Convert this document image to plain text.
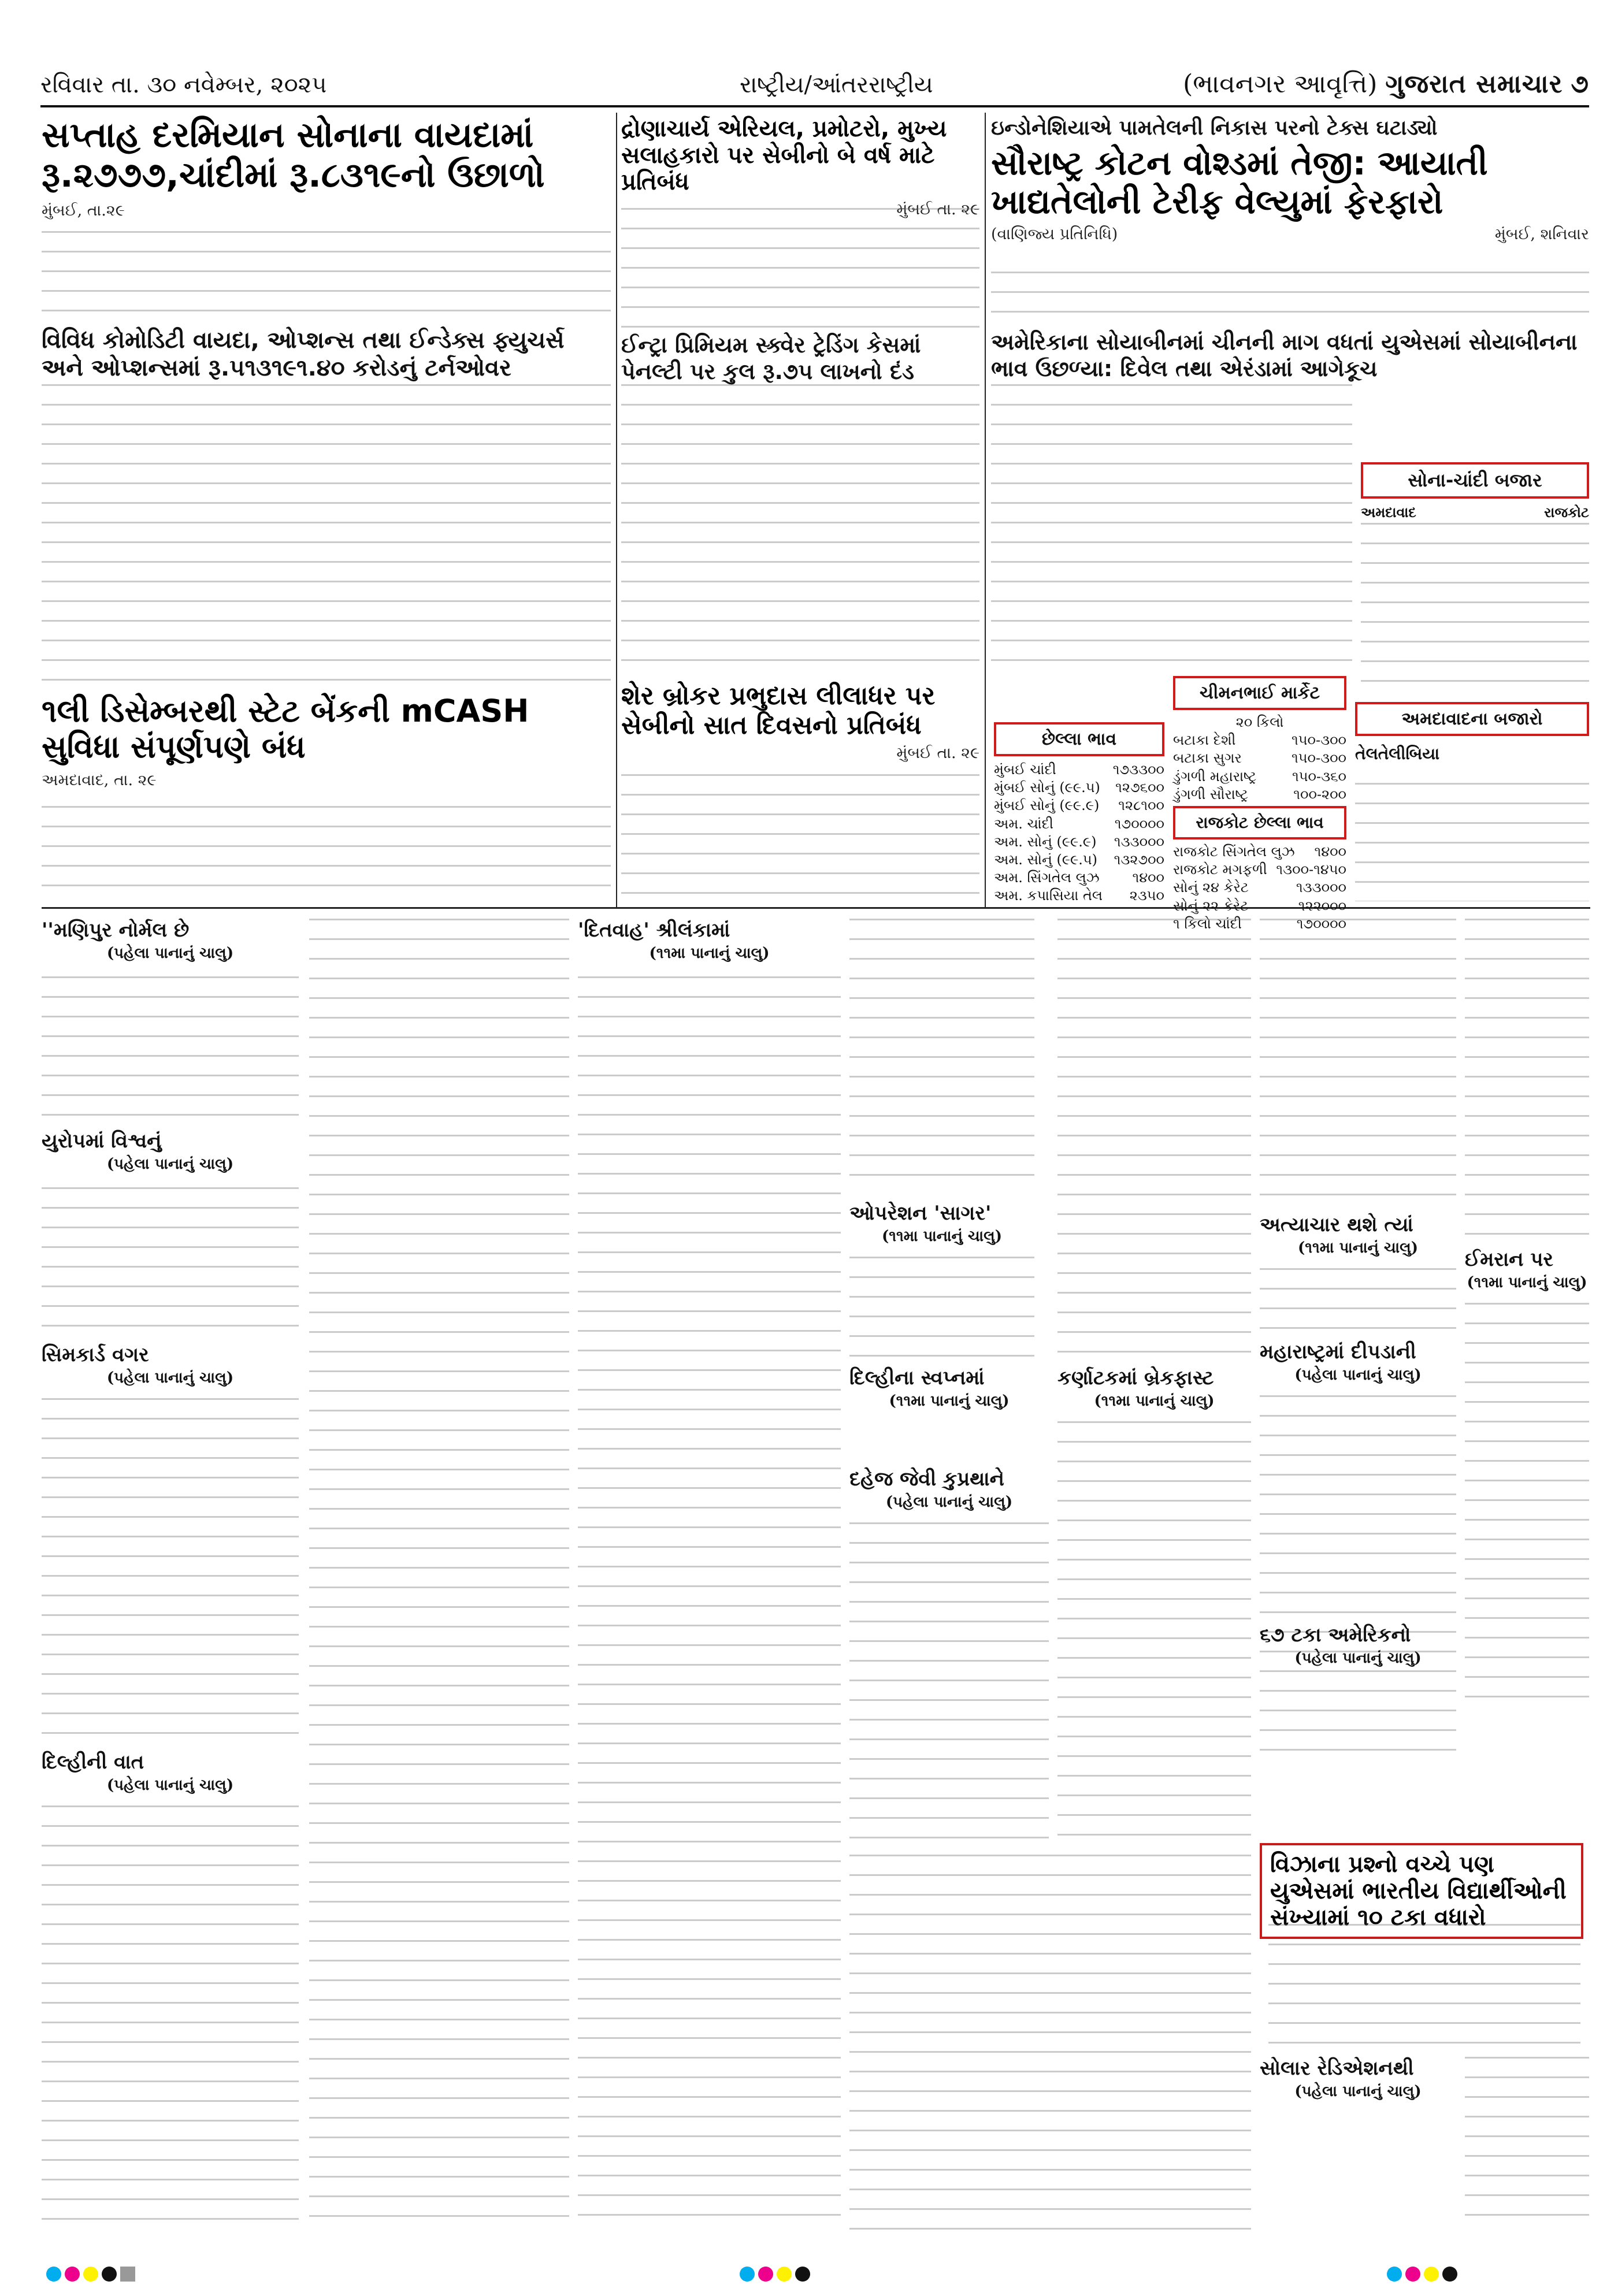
રવિવાર તા. ૩૦ નવેમ્બર, ૨૦૨૫	રાષ્ટ્રીય/આંતરરાષ્ટ્રીય	(ભાવનગર આવૃત્તિ) ગુજરાત સમાચાર ૭
સપ્તાહ દરમિયાન સોનાના વાયદામાં રૂ.૨૭૭૭,ચાંદીમાં રૂ.૮૩૧૯નો ઉછાળો
મુંબઈ, તા.૨૯
વિવિધ કોમોડિટી વાયદા, ઓપ્શન્સ તથા ઈન્ડેક્સ ફ્યુચર્સ અને ઓપ્શન્સમાં રૂ.૫૧૩૧૯૧.૪૦ કરોડનું ટર્નઓવર
૧લી ડિસેમ્બરથી સ્ટેટ બેંકની mCASH સુવિધા સંપૂર્ણપણે બંધ
અમદાવાદ, તા. ૨૯
દ્રોણાચાર્ય એરિયલ, પ્રમોટરો, મુખ્ય સલાહકારો પર સેબીનો બે વર્ષ માટે પ્રતિબંધ
મુંબઈ તા. ૨૯
ઈન્ટ્રા પ્રિમિયમ સ્ક્વેર ટ્રેડિંગ કેસમાં પેનલ્ટી પર કુલ રૂ.૭૫ લાખનો દંડ
શેર બ્રોકર પ્રભુદાસ લીલાધર પર સેબીનો સાત દિવસનો પ્રતિબંધ
મુંબઈ તા. ૨૯
ઇન્ડોનેશિયાએ પામતેલની નિકાસ પરનો ટેક્સ ઘટાડ્યો
સૌરાષ્ટ્ર કોટન વોશ્ડમાં તેજી: આયાતી ખાદ્યતેલોની ટેરીફ વેલ્યુમાં ફેરફારો
(વાણિજ્ય પ્રતિનિધિ)	મુંબઈ, શનિવાર
અમેરિકાના સોયાબીનમાં ચીનની માગ વધતાં યુએસમાં સોયાબીનના ભાવ ઉછળ્યા: દિવેલ તથા એરંડામાં આગેકૂચ
સોના-ચાંદી બજાર
અમદાવાદ	રાજકોટ
ચીમનભાઈ માર્કેટ
૨૦ કિલો
બટાકા દેશી	૧૫૦-૩૦૦
બટાકા સુગર	૧૫૦-૩૦૦
ડુંગળી મહારાષ્ટ્ર	૧૫૦-૩૬૦
ડુંગળી સૌરાષ્ટ્ર	૧૦૦-૨૦૦
અમદાવાદના બજારો
તેલતેલીબિયા
છેલ્લા ભાવ
મુંબઈ ચાંદી	૧૭૩૩૦૦
મુંબઈ સોનું (૯૯.૫) ૧૨૭૬૦૦
મુંબઈ સોનું (૯૯.૯) ૧૨૮૧૦૦
અમ. ચાંદી	૧૭૦૦૦૦
અમ. સોનું (૯૯.૯) ૧૩૩૦૦૦
અમ. સોનું (૯૯.૫) ૧૩૨૭૦૦
અમ. સિંગતેલ લુઝ ૧૪૦૦
અમ. કપાસિયા તેલ ૨૩૫૦
રાજકોટ છેલ્લા ભાવ
રાજકોટ સિંગતેલ લુઝ ૧૪૦૦
રાજકોટ મગફળી ૧૩૦૦-૧૪૫૦
સોનું ૨૪ કેરેટ	૧૩૩૦૦૦
સોનું ૨૨ કેરેટ	૧૨૨૦૦૦
૧ કિલો ચાંદી	૧૭૦૦૦૦
''મણિપુર નોર્મલ છે
(પહેલા પાનાનું ચાલુ)
યુરોપમાં વિશ્વનું
(પહેલા પાનાનું ચાલુ)
સિમકાર્ડ વગર
(પહેલા પાનાનું ચાલુ)
દિલ્હીની વાત
(પહેલા પાનાનું ચાલુ)
'દિતવાહ' શ્રીલંકામાં
(૧૧મા પાનાનું ચાલુ)
ઓપરેશન 'સાગર'
(૧૧મા પાનાનું ચાલુ)
દિલ્હીના સ્વપ્નમાં
(૧૧મા પાનાનું ચાલુ)
દહેજ જેવી કુપ્રથાને
(પહેલા પાનાનું ચાલુ)
કર્ણાટકમાં બ્રેકફાસ્ટ
(૧૧મા પાનાનું ચાલુ)
અત્યાચાર થશે ત્યાં
(૧૧મા પાનાનું ચાલુ)
મહારાષ્ટ્રમાં દીપડાની
(પહેલા પાનાનું ચાલુ)
૬૭ ટકા અમેરિકનો
(પહેલા પાનાનું ચાલુ)
સોલાર રેડિએશનથી
(પહેલા પાનાનું ચાલુ)
ઈમરાન પર
(૧૧મા પાનાનું ચાલુ)
વિઝાના પ્રશ્નો વચ્ચે પણ યુએસમાં ભારતીય વિદ્યાર્થીઓની સંખ્યામાં ૧૦ ટકા વધારો
